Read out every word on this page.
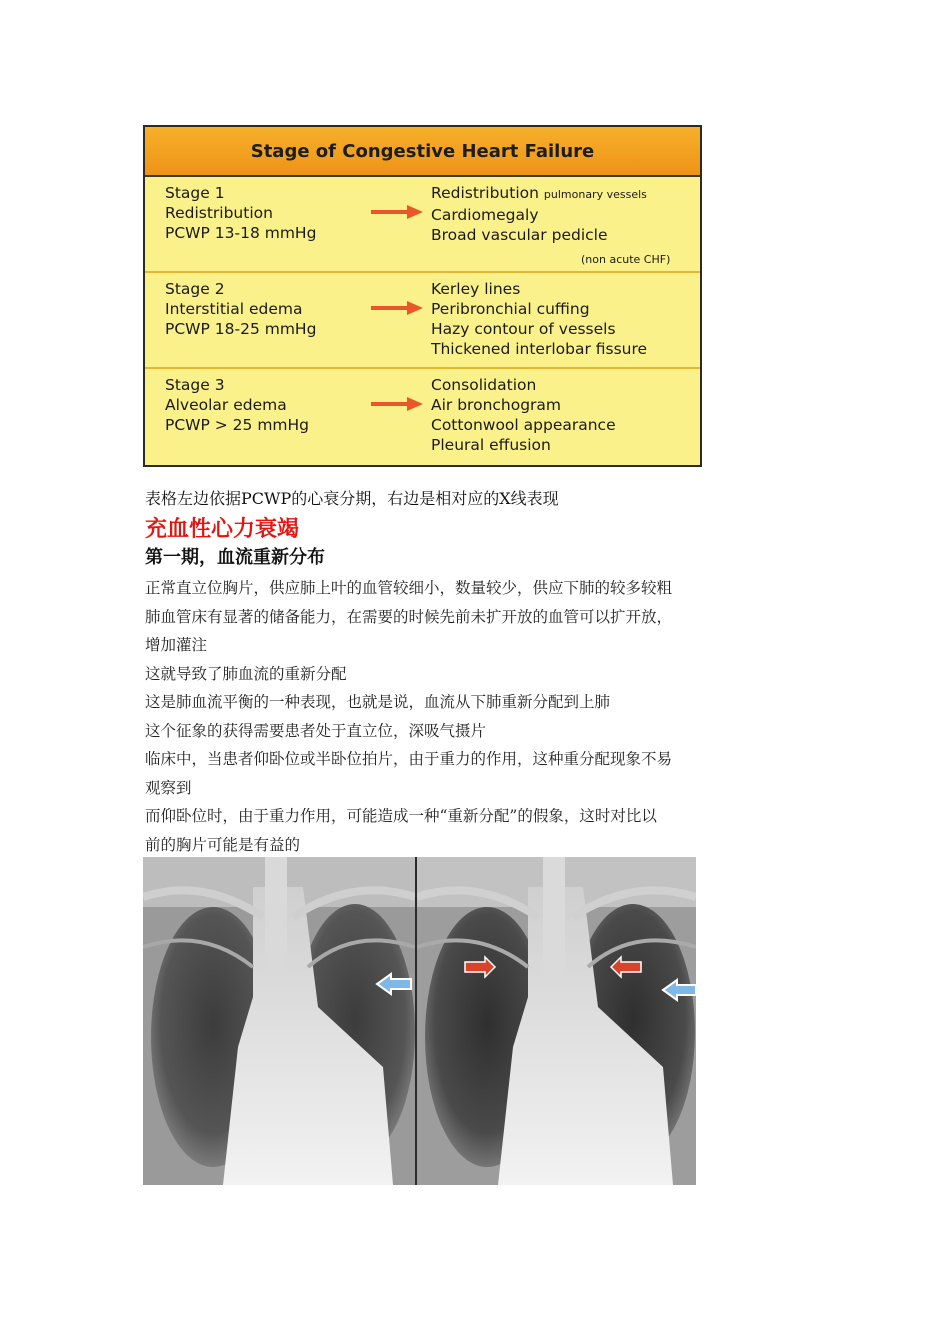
Stage of Congestive Heart Failure
Stage 1
Redistribution
PCWP 13-18 mmHg
Redistribution pulmonary vessels
Cardiomegaly
Broad vascular pedicle
(non acute CHF)
Stage 2
Interstitial edema
PCWP 18-25 mmHg
Kerley lines
Peribronchial cuffing
Hazy contour of vessels
Thickened interlobar fissure
Stage 3
Alveolar edema
PCWP > 25 mmHg
Consolidation
Air bronchogram
Cottonwool appearance
Pleural effusion
表格左边依据PCWP的心衰分期，右边是相对应的X线表现
充血性心力衰竭
第一期，血流重新分布
正常直立位胸片，供应肺上叶的血管较细小，数量较少，供应下肺的较多较粗
肺血管床有显著的储备能力，在需要的时候先前未扩开放的血管可以扩开放，
增加灌注
这就导致了肺血流的重新分配
这是肺血流平衡的一种表现，也就是说，血流从下肺重新分配到上肺
这个征象的获得需要患者处于直立位，深吸气摄片
临床中，当患者仰卧位或半卧位拍片，由于重力的作用，这种重分配现象不易
观察到
而仰卧位时，由于重力作用，可能造成一种“重新分配”的假象，这时对比以
前的胸片可能是有益的
